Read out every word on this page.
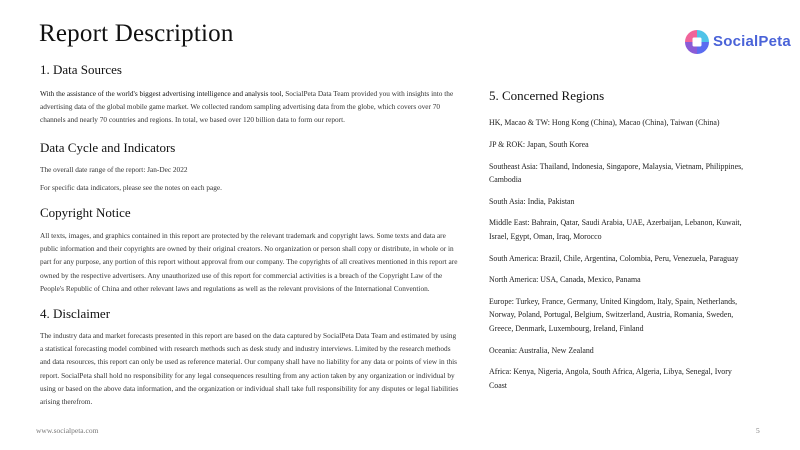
Report Description	SocialPeta
1. Data Sources
With the assistance of the world's biggest advertising intelligence and analysis tool, SocialPeta Data Team provided you with insights into the advertising data of the global mobile game market. We collected random sampling advertising data from the globe, which covers over 70 channels and nearly 70 countries and regions. In total, we based over 120 billion data to form our report.
Data Cycle and Indicators
The overall date range of the report: Jan-Dec 2022
For specific data indicators, please see the notes on each page.
Copyright Notice
All texts, images, and graphics contained in this report are protected by the relevant trademark and copyright laws. Some texts and data are public information and their copyrights are owned by their original creators. No organization or person shall copy or distribute, in whole or in part for any purpose, any portion of this report without approval from our company. The copyrights of all creatives mentioned in this report are owned by the respective advertisers. Any unauthorized use of this report for commercial activities is a breach of the Copyright Law of the People's Republic of China and other relevant laws and regulations as well as the relevant provisions of the International Convention.
4. Disclaimer
The industry data and market forecasts presented in this report are based on the data captured by SocialPeta Data Team and estimated by using a statistical forecasting model combined with research methods such as desk study and industry interviews. Limited by the research methods and data resources, this report can only be used as reference material. Our company shall have no liability for any data or points of view in this report. SocialPeta shall hold no responsibility for any legal consequences resulting from any action taken by any organization or individual by using or based on the above data information, and the organization or individual shall take full responsibility for any disputes or legal liabilities arising therefrom.
5. Concerned Regions
HK, Macao & TW: Hong Kong (China), Macao (China), Taiwan (China)
JP & ROK: Japan, South Korea
Southeast Asia: Thailand, Indonesia, Singapore, Malaysia, Vietnam, Philippines, Cambodia
South Asia: India, Pakistan
Middle East: Bahrain, Qatar, Saudi Arabia, UAE, Azerbaijan, Lebanon, Kuwait, Israel, Egypt, Oman, Iraq, Morocco
South America: Brazil, Chile, Argentina, Colombia, Peru, Venezuela, Paraguay
North America: USA, Canada, Mexico, Panama
Europe: Turkey, France, Germany, United Kingdom, Italy, Spain, Netherlands, Norway, Poland, Portugal, Belgium, Switzerland, Austria, Romania, Sweden, Greece, Denmark, Luxembourg, Ireland, Finland
Oceania: Australia, New Zealand
Africa: Kenya, Nigeria, Angola, South Africa, Algeria, Libya, Senegal, Ivory Coast
www.socialpeta.com	5
